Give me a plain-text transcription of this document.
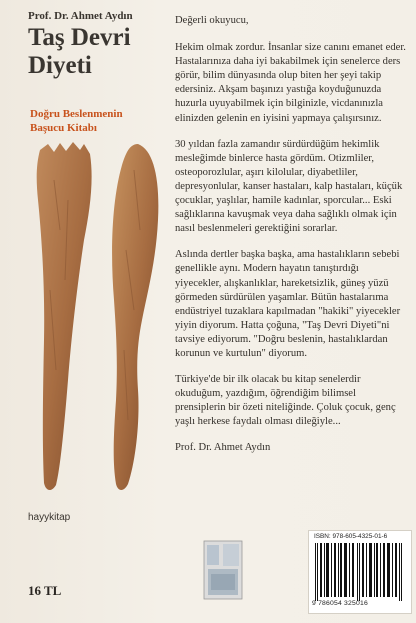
Prof. Dr. Ahmet Aydın
Taş Devri
Diyeti
Doğru Beslenmenin
Başucu Kitabı
hayykitap
16 TL

Değerli okuyucu,

Hekim olmak zordur. İnsanlar size canını emanet eder. Hastalarınıza daha iyi bakabilmek için senelerce ders görür, bilim dünyasında olup biten her şeyi takip edersiniz. Akşam başınızı yastığa koyduğunuzda huzurla uyuyabilmek için bilginizle, vicdanınızla elinizden gelenin en iyisini yapmaya çalışırsınız.

30 yıldan fazla zamandır sürdürdüğüm hekimlik mesleğimde binlerce hasta gördüm. Otizmliler, osteoporozlular, aşırı kilolular, diyabetliler, depresyonlular, kanser hastaları, kalp hastaları, küçük çocuklar, yaşlılar, hamile kadınlar, sporcular... Eski sağlıklarına kavuşmak veya daha sağlıklı olmak için nasıl beslenmeleri gerektiğini sorarlar.

Aslında dertler başka başka, ama hastalıkların sebebi genellikle aynı. Modern hayatın tanıştırdığı yiyecekler, alışkanlıklar, hareketsizlik, güneş yüzü görmeden sürdürülen yaşamlar. Bütün hastalarıma endüstriyel tuzaklara kapılmadan "hakiki" yiyecekler yiyin diyorum. Hatta çoğuna, "Taş Devri Diyeti"ni tavsiye ediyorum. "Doğru beslenin, hastalıklardan korunun ve kurtulun" diyorum.

Türkiye'de bir ilk olacak bu kitap senelerdir okuduğum, yazdığım, öğrendiğim bilimsel prensiplerin bir özeti niteliğinde. Çoluk çocuk, genç yaşlı herkese faydalı olması dileğiyle...

Prof. Dr. Ahmet Aydın

ISBN: 978-605-4325-01-6
9 786054 325016
